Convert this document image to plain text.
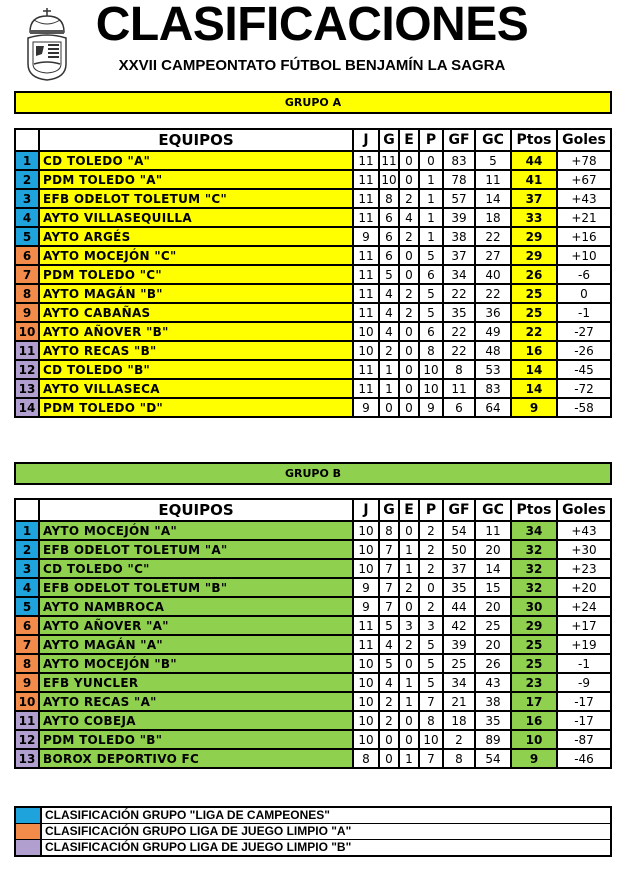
CLASIFICACIONES
XXVII CAMPEONTATO FÚTBOL BENJAMÍN LA SAGRA
GRUPO A
	EQUIPOS	J	G	E	P	GF	GC	Ptos	Goles
1	CD TOLEDO "A"	11	11	0	0	83	5	44	+78
2	PDM TOLEDO "A"	11	10	0	1	78	11	41	+67
3	EFB ODELOT TOLETUM "C"	11	8	2	1	57	14	37	+43
4	AYTO VILLASEQUILLA	11	6	4	1	39	18	33	+21
5	AYTO ARGÉS	9	6	2	1	38	22	29	+16
6	AYTO MOCEJÓN "C"	11	6	0	5	37	27	29	+10
7	PDM TOLEDO "C"	11	5	0	6	34	40	26	-6
8	AYTO MAGÁN "B"	11	4	2	5	22	22	25	0
9	AYTO CABAÑAS	11	4	2	5	35	36	25	-1
10	AYTO AÑOVER "B"	10	4	0	6	22	49	22	-27
11	AYTO RECAS "B"	10	2	0	8	22	48	16	-26
12	CD TOLEDO "B"	11	1	0	10	8	53	14	-45
13	AYTO VILLASECA	11	1	0	10	11	83	14	-72
14	PDM TOLEDO "D"	9	0	0	9	6	64	9	-58
GRUPO B
	EQUIPOS	J	G	E	P	GF	GC	Ptos	Goles
1	AYTO MOCEJÓN "A"	10	8	0	2	54	11	34	+43
2	EFB ODELOT TOLETUM "A"	10	7	1	2	50	20	32	+30
3	CD TOLEDO "C"	10	7	1	2	37	14	32	+23
4	EFB ODELOT TOLETUM "B"	9	7	2	0	35	15	32	+20
5	AYTO NAMBROCA	9	7	0	2	44	20	30	+24
6	AYTO AÑOVER "A"	11	5	3	3	42	25	29	+17
7	AYTO MAGÁN "A"	11	4	2	5	39	20	25	+19
8	AYTO MOCEJÓN "B"	10	5	0	5	25	26	25	-1
9	EFB YUNCLER	10	4	1	5	34	43	23	-9
10	AYTO RECAS "A"	10	2	1	7	21	38	17	-17
11	AYTO COBEJA	10	2	0	8	18	35	16	-17
12	PDM TOLEDO "B"	10	0	0	10	2	89	10	-87
13	BOROX DEPORTIVO FC	8	0	1	7	8	54	9	-46
CLASIFICACIÓN GRUPO "LIGA DE CAMPEONES"
CLASIFICACIÓN GRUPO LIGA DE JUEGO LIMPIO "A"
CLASIFICACIÓN GRUPO LIGA DE JUEGO LIMPIO "B"
